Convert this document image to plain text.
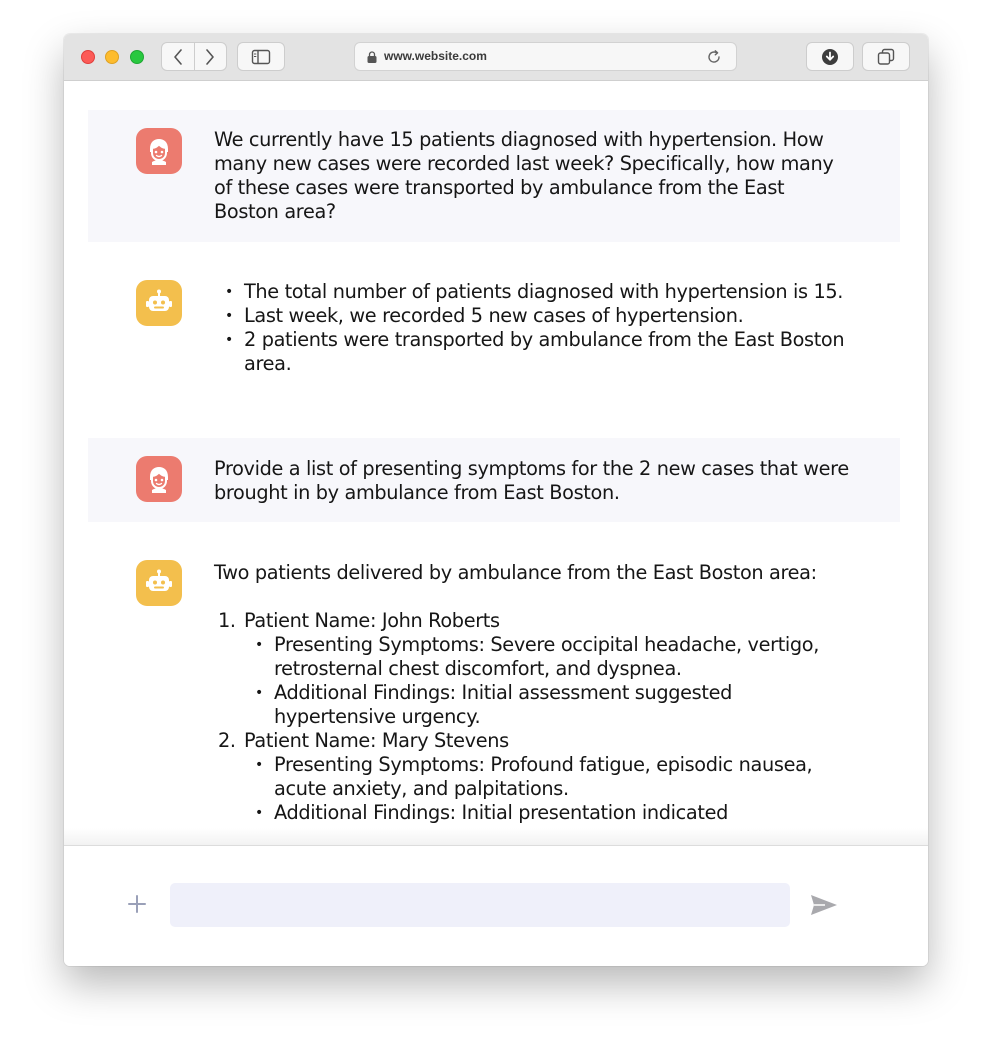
www.website.com
We currently have 15 patients diagnosed with hypertension. How many new cases were recorded last week? Specifically, how many of these cases were transported by ambulance from the East Boston area?
• The total number of patients diagnosed with hypertension is 15.
• Last week, we recorded 5 new cases of hypertension.
• 2 patients were transported by ambulance from the East Boston area.
Provide a list of presenting symptoms for the 2 new cases that were brought in by ambulance from East Boston.
Two patients delivered by ambulance from the East Boston area:
1. Patient Name: John Roberts
• Presenting Symptoms: Severe occipital headache, vertigo, retrosternal chest discomfort, and dyspnea.
• Additional Findings: Initial assessment suggested hypertensive urgency.
2. Patient Name: Mary Stevens
• Presenting Symptoms: Profound fatigue, episodic nausea, acute anxiety, and palpitations.
• Additional Findings: Initial presentation indicated
